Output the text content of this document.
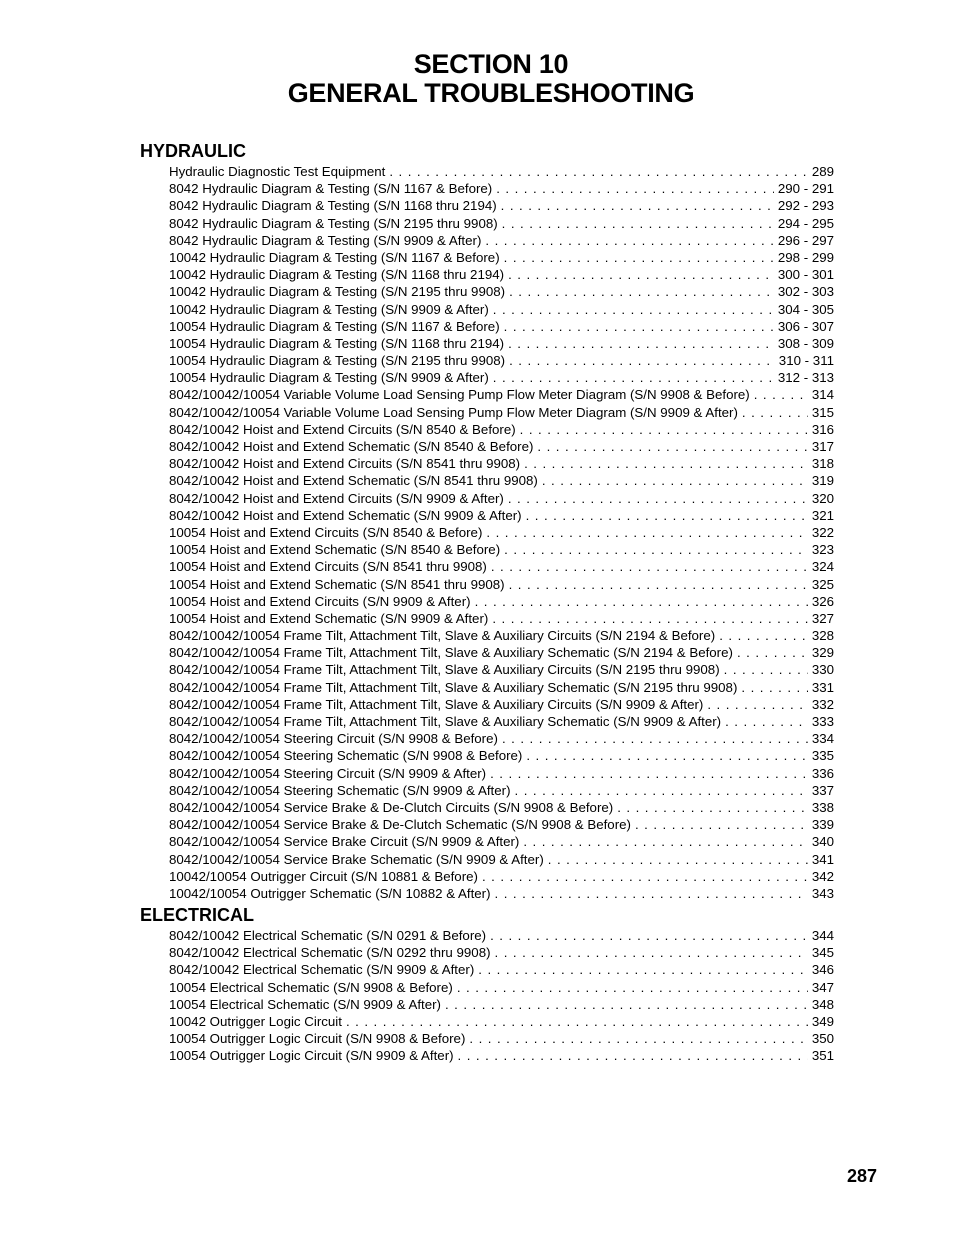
SECTION 10
GENERAL TROUBLESHOOTING
HYDRAULIC
Hydraulic Diagnostic Test Equipment . . .	289
8042 Hydraulic Diagram & Testing (S/N 1167 & Before) . . .	290 - 291
8042 Hydraulic Diagram & Testing (S/N 1168 thru 2194) . . .	292 - 293
8042 Hydraulic Diagram & Testing (S/N 2195 thru 9908) . . .	294 - 295
8042 Hydraulic Diagram & Testing (S/N 9909 & After) . . .	296 - 297
10042 Hydraulic Diagram & Testing (S/N 1167 & Before) . . .	298 - 299
10042 Hydraulic Diagram & Testing (S/N 1168 thru 2194) . . .	300 - 301
10042 Hydraulic Diagram & Testing (S/N 2195 thru 9908) . . .	302 - 303
10042 Hydraulic Diagram & Testing (S/N 9909 & After) . . .	304 - 305
10054 Hydraulic Diagram & Testing (S/N 1167 & Before) . . .	306 - 307
10054 Hydraulic Diagram & Testing (S/N 1168 thru 2194) . . .	308 - 309
10054 Hydraulic Diagram & Testing (S/N 2195 thru 9908) . . .	310 - 311
10054 Hydraulic Diagram & Testing (S/N 9909 & After) . . .	312 - 313
8042/10042/10054 Variable Volume Load Sensing Pump Flow Meter Diagram (S/N 9908 & Before) . . .	314
8042/10042/10054 Variable Volume Load Sensing Pump Flow Meter Diagram (S/N 9909 & After) . . .	315
8042/10042 Hoist and Extend Circuits (S/N 8540 & Before) . . .	316
8042/10042 Hoist and Extend Schematic (S/N 8540 & Before) . . .	317
8042/10042 Hoist and Extend Circuits (S/N 8541 thru 9908) . . .	318
8042/10042 Hoist and Extend Schematic (S/N 8541 thru 9908) . . .	319
8042/10042 Hoist and Extend Circuits (S/N 9909 & After) . . .	320
8042/10042 Hoist and Extend Schematic (S/N 9909 & After) . . .	321
10054 Hoist and Extend Circuits (S/N 8540 & Before) . . .	322
10054 Hoist and Extend Schematic (S/N 8540 & Before) . . .	323
10054 Hoist and Extend Circuits (S/N 8541 thru 9908) . . .	324
10054 Hoist and Extend Schematic (S/N 8541 thru 9908) . . .	325
10054 Hoist and Extend Circuits (S/N 9909 & After) . . .	326
10054 Hoist and Extend Schematic (S/N 9909 & After) . . .	327
8042/10042/10054 Frame Tilt, Attachment Tilt, Slave & Auxiliary Circuits (S/N 2194 & Before) . . .	328
8042/10042/10054 Frame Tilt, Attachment Tilt, Slave & Auxiliary Schematic (S/N 2194 & Before) . . .	329
8042/10042/10054 Frame Tilt, Attachment Tilt, Slave & Auxiliary Circuits (S/N 2195 thru 9908) . . .	330
8042/10042/10054 Frame Tilt, Attachment Tilt, Slave & Auxiliary Schematic (S/N 2195 thru 9908) . . .	331
8042/10042/10054 Frame Tilt, Attachment Tilt, Slave & Auxiliary Circuits (S/N 9909 & After) . . .	332
8042/10042/10054 Frame Tilt, Attachment Tilt, Slave & Auxiliary Schematic (S/N 9909 & After) . . .	333
8042/10042/10054 Steering Circuit (S/N 9908 & Before) . . .	334
8042/10042/10054 Steering Schematic (S/N 9908 & Before) . . .	335
8042/10042/10054 Steering Circuit (S/N 9909 & After) . . .	336
8042/10042/10054 Steering Schematic (S/N 9909 & After) . . .	337
8042/10042/10054 Service Brake & De-Clutch Circuits (S/N 9908 & Before) . . .	338
8042/10042/10054 Service Brake & De-Clutch Schematic (S/N 9908 & Before) . . .	339
8042/10042/10054 Service Brake Circuit (S/N 9909 & After) . . .	340
8042/10042/10054 Service Brake Schematic (S/N 9909 & After) . . .	341
10042/10054 Outrigger Circuit (S/N 10881 & Before) . . .	342
10042/10054 Outrigger Schematic (S/N 10882 & After) . . .	343
ELECTRICAL
8042/10042 Electrical Schematic (S/N 0291 & Before) . . .	344
8042/10042 Electrical Schematic (S/N 0292 thru 9908) . . .	345
8042/10042 Electrical Schematic (S/N 9909 & After) . . .	346
10054 Electrical Schematic (S/N 9908 & Before) . . .	347
10054 Electrical Schematic (S/N 9909 & After) . . .	348
10042 Outrigger Logic Circuit . . .	349
10054 Outrigger Logic Circuit (S/N 9908 & Before) . . .	350
10054 Outrigger Logic Circuit (S/N 9909 & After) . . .	351
287
